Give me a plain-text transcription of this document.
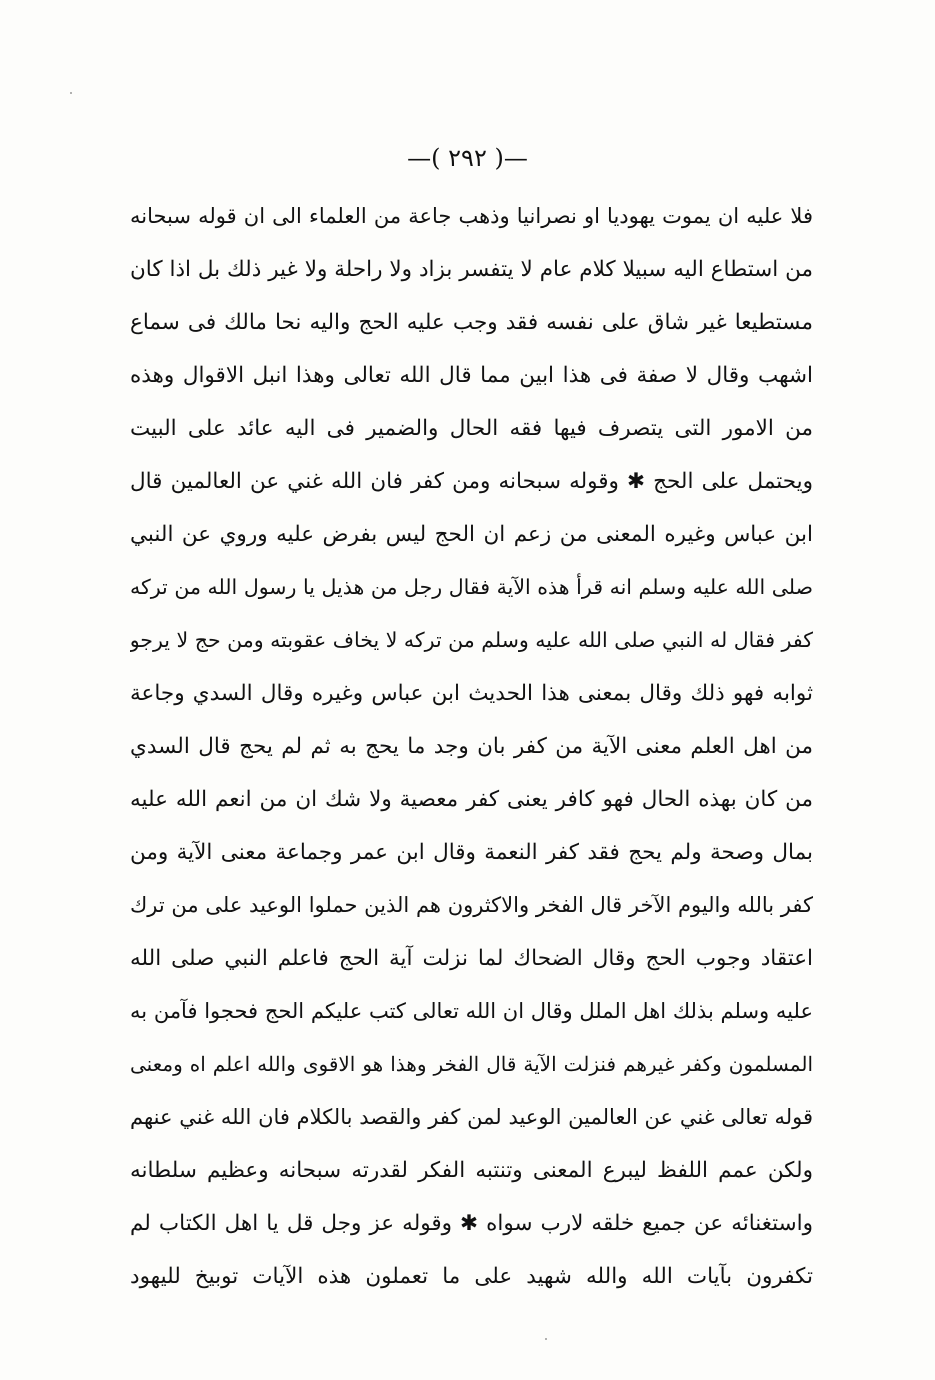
—( ٢٩٢ )—
فلا عليه ان يموت يهوديا او نصرانيا وذهب جاعة من العلماء الى ان قوله سبحانه
من استطاع اليه سبيلا كلام عام لا يتفسر بزاد ولا راحلة ولا غير ذلك بل اذا كان
مستطيعا غير شاق على نفسه فقد وجب عليه الحج واليه نحا مالك فى سماع
اشهب وقال لا صفة فى هذا ابين مما قال الله تعالى وهذا انبل الاقوال وهذه
من الامور التى يتصرف فيها فقه الحال والضمير فى اليه عائد على البيت
ويحتمل على الحج ✱ وقوله سبحانه ومن كفر فان الله غني عن العالمين قال
ابن عباس وغيره المعنى من زعم ان الحج ليس بفرض عليه وروي عن النبي
صلى الله عليه وسلم انه قرأ هذه الآية فقال رجل من هذيل يا رسول الله من تركه
كفر فقال له النبي صلى الله عليه وسلم من تركه لا يخاف عقوبته ومن حج لا يرجو
ثوابه فهو ذلك وقال بمعنى هذا الحديث ابن عباس وغيره وقال السدي وجاعة
من اهل العلم معنى الآية من كفر بان وجد ما يحج به ثم لم يحج قال السدي
من كان بهذه الحال فهو كافر يعنى كفر معصية ولا شك ان من انعم الله عليه
بمال وصحة ولم يحج فقد كفر النعمة وقال ابن عمر وجماعة معنى الآية ومن
كفر بالله واليوم الآخر قال الفخر والاكثرون هم الذين حملوا الوعيد على من ترك
اعتقاد وجوب الحج وقال الضحاك لما نزلت آية الحج فاعلم النبي صلى الله
عليه وسلم بذلك اهل الملل وقال ان الله تعالى كتب عليكم الحج فحجوا فآمن به
المسلمون وكفر غيرهم فنزلت الآية قال الفخر وهذا هو الاقوى والله اعلم اه ومعنى
قوله تعالى غني عن العالمين الوعيد لمن كفر والقصد بالكلام فان الله غني عنهم
ولكن عمم اللفظ ليبرع المعنى وتنتبه الفكر لقدرته سبحانه وعظيم سلطانه
واستغنائه عن جميع خلقه لارب سواه ✱ وقوله عز وجل قل يا اهل الكتاب لم
تكفرون بآيات الله والله شهيد على ما تعملون هذه الآيات توبيخ لليهود
